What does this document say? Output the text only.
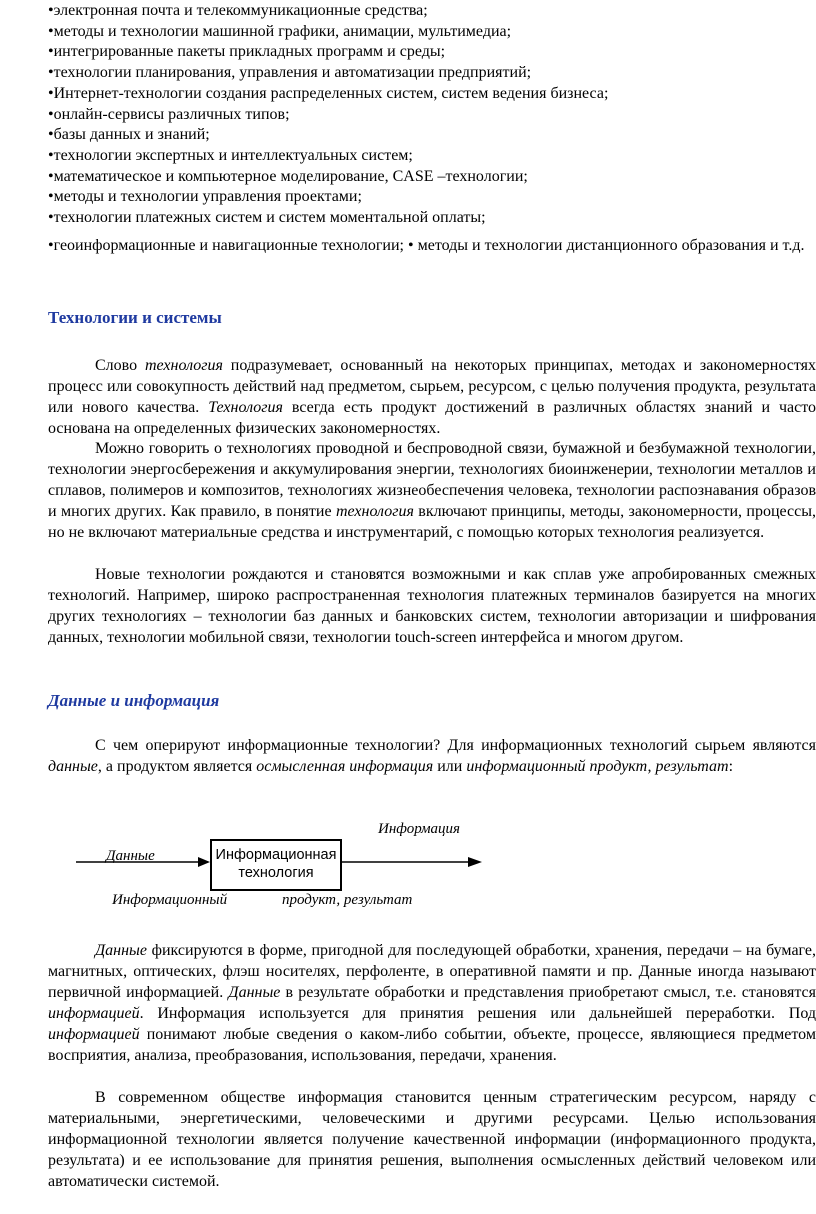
•электронная почта и телекоммуникационные средства;
•методы и технологии машинной графики, анимации, мультимедиа;
•интегрированные пакеты прикладных программ и среды;
•технологии планирования, управления и автоматизации предприятий;
•Интернет-технологии создания распределенных систем, систем ведения бизнеса;
•онлайн-сервисы различных типов;
•базы данных и знаний;
•технологии экспертных и интеллектуальных систем;
•математическое и компьютерное моделирование, CASE –технологии;
•методы и технологии управления проектами;
•технологии платежных систем и систем моментальной оплаты;
•геоинформационные и навигационные технологии; • методы и технологии дистанционного образования и т.д.
Технологии и системы
Слово технология подразумевает, основанный на некоторых принципах, методах и закономерностях процесс или совокупность действий над предметом, сырьем, ресурсом, с целью получения продукта, результата или нового качества. Технология всегда есть продукт достижений в различных областях знаний и часто основана на определенных физических закономерностях.
Можно говорить о технологиях проводной и беспроводной связи, бумажной и безбумажной технологии, технологии энергосбережения и аккумулирования энергии, технологиях биоинженерии, технологии металлов и сплавов, полимеров и композитов, технологиях жизнеобеспечения человека, технологии распознавания образов и многих других. Как правило, в понятие технология включают принципы, методы, закономерности, процессы, но не включают материальные средства и инструментарий, с помощью которых технология реализуется.
Новые технологии рождаются и становятся возможными и как сплав уже апробированных смежных технологий. Например, широко распространенная технология платежных терминалов базируется на многих других технологиях – технологии баз данных и банковских систем, технологии авторизации и шифрования данных, технологии мобильной связи, технологии touch-screen интерфейса и многом другом.
Данные и информация
С чем оперируют информационные технологии? Для информационных технологий сырьем являются данные, а продуктом является осмысленная информация или информационный продукт, результат:
Данные	Информационная
технология
Информация
Информационный	продукт, результат
Данные фиксируются в форме, пригодной для последующей обработки, хранения, передачи – на бумаге, магнитных, оптических, флэш носителях, перфоленте, в оперативной памяти и пр. Данные иногда называют первичной информацией. Данные в результате обработки и представления приобретают смысл, т.е. становятся информацией. Информация используется для принятия решения или дальнейшей переработки. Под информацией понимают любые сведения о каком-либо событии, объекте, процессе, являющиеся предметом восприятия, анализа, преобразования, использования, передачи, хранения.
В современном обществе информация становится ценным стратегическим ресурсом, наряду с материальными, энергетическими, человеческими и другими ресурсами. Целью использования информационной технологии является получение качественной информации (информационного продукта, результата) и ее использование для принятия решения, выполнения осмысленных действий человеком или автоматически системой.
